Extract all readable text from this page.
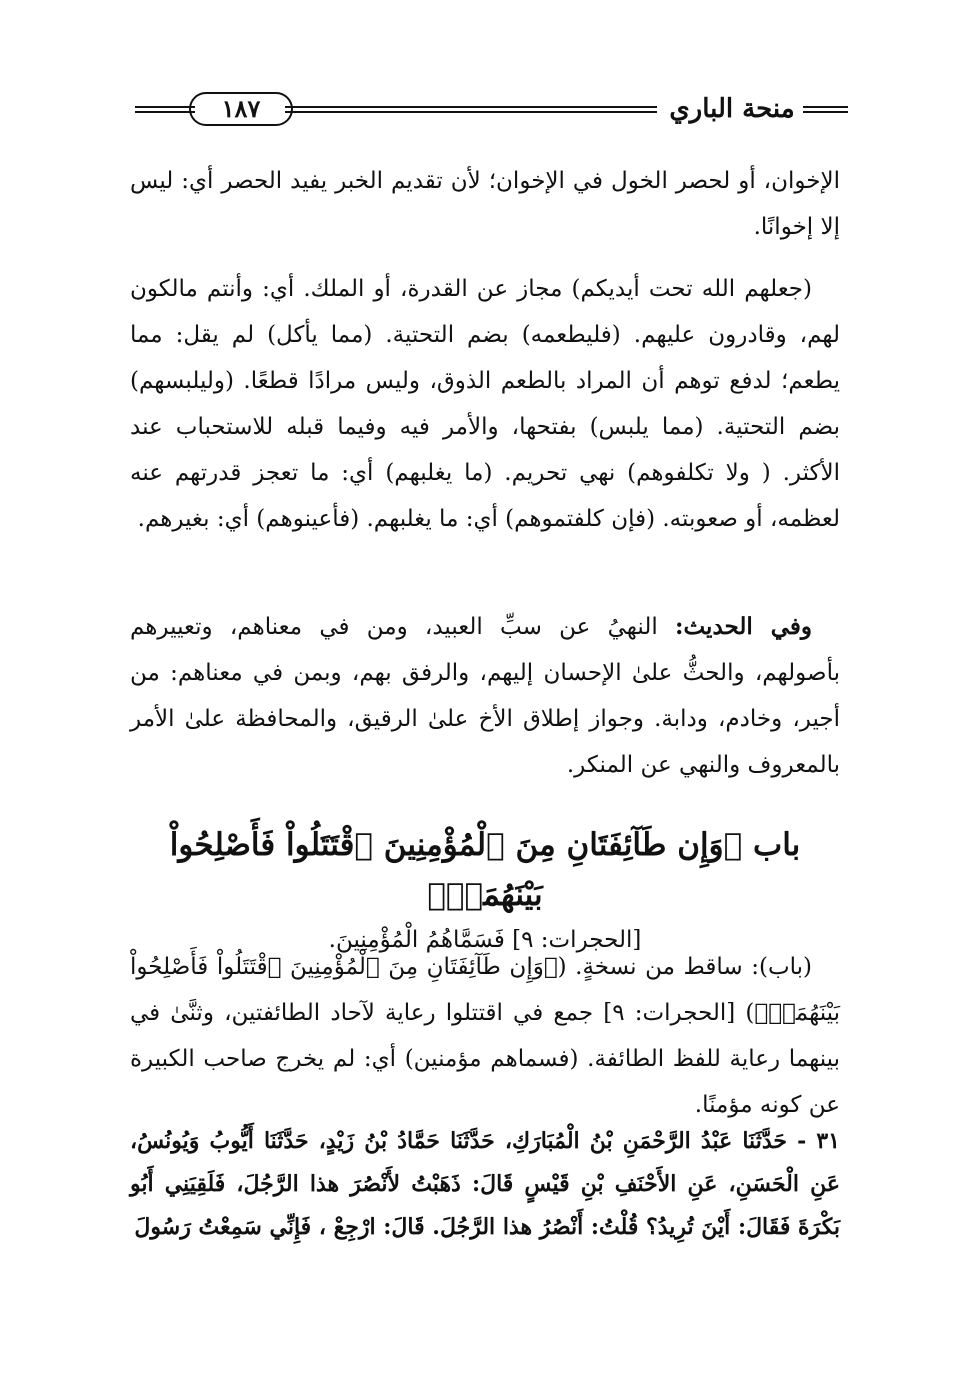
١٨٧	منحة الباري
الإخوان، أو لحصر الخول في الإخوان؛ لأن تقديم الخبر يفيد الحصر أي: ليس إلا إخوانًا.
(جعلهم الله تحت أيديكم) مجاز عن القدرة، أو الملك. أي: وأنتم مالكون لهم، وقادرون عليهم. (فليطعمه) بضم التحتية. (مما يأكل) لم يقل: مما يطعم؛ لدفع توهم أن المراد بالطعم الذوق، وليس مرادًا قطعًا. (وليلبسهم) بضم التحتية. (مما يلبس) بفتحها، والأمر فيه وفيما قبله للاستحباب عند الأكثر. ( ولا تكلفوهم) نهي تحريم. (ما يغلبهم) أي: ما تعجز قدرتهم عنه لعظمه، أو صعوبته. (فإن كلفتموهم) أي: ما يغلبهم. (فأعينوهم) أي: بغيرهم.
وفي الحديث: النهيُ عن سبِّ العبيد، ومن في معناهم، وتعييرهم بأصولهم، والحثُّ علىٰ الإحسان إليهم، والرفق بهم، وبمن في معناهم: من أجير، وخادم، ودابة. وجواز إطلاق الأخ علىٰ الرقيق، والمحافظة علىٰ الأمر بالمعروف والنهي عن المنكر.
باب ﴿وَإِن طَآئِفَتَانِ مِنَ ٱلْمُؤْمِنِينَ ٱقْتَتَلُواْ فَأَصْلِحُواْ بَيْنَهُمَاۖ﴾
[الحجرات: ٩] فَسَمَّاهُمُ الْمُؤْمِنِينَ.
(باب): ساقط من نسخةٍ. (﴿وَإِن طَآئِفَتَانِ مِنَ ٱلْمُؤْمِنِينَ ٱقْتَتَلُواْ فَأَصْلِحُواْ بَيْنَهُمَاۖ﴾) [الحجرات: ٩] جمع في اقتتلوا رعاية لآحاد الطائفتين، وثنَّىٰ في بينهما رعاية للفظ الطائفة. (فسماهم مؤمنين) أي: لم يخرج صاحب الكبيرة عن كونه مؤمنًا.
٣١ - حَدَّثَنَا عَبْدُ الرَّحْمَنِ بْنُ الْمُبَارَكِ، حَدَّثَنَا حَمَّادُ بْنُ زَيْدٍ، حَدَّثَنَا أَيُّوبُ وَيُونُسُ، عَنِ الْحَسَنِ، عَنِ الأَحْنَفِ بْنِ قَيْسٍ قَالَ: ذَهَبْتُ لأَنْصُرَ هذا الرَّجُلَ، فَلَقِيَنِي أَبُو بَكْرَةَ فَقَالَ: أَيْنَ تُرِيدُ؟ قُلْتُ: أَنْصُرُ هذا الرَّجُلَ. قَالَ: ارْجِعْ ، فَإِنِّي سَمِعْتُ رَسُولَ
